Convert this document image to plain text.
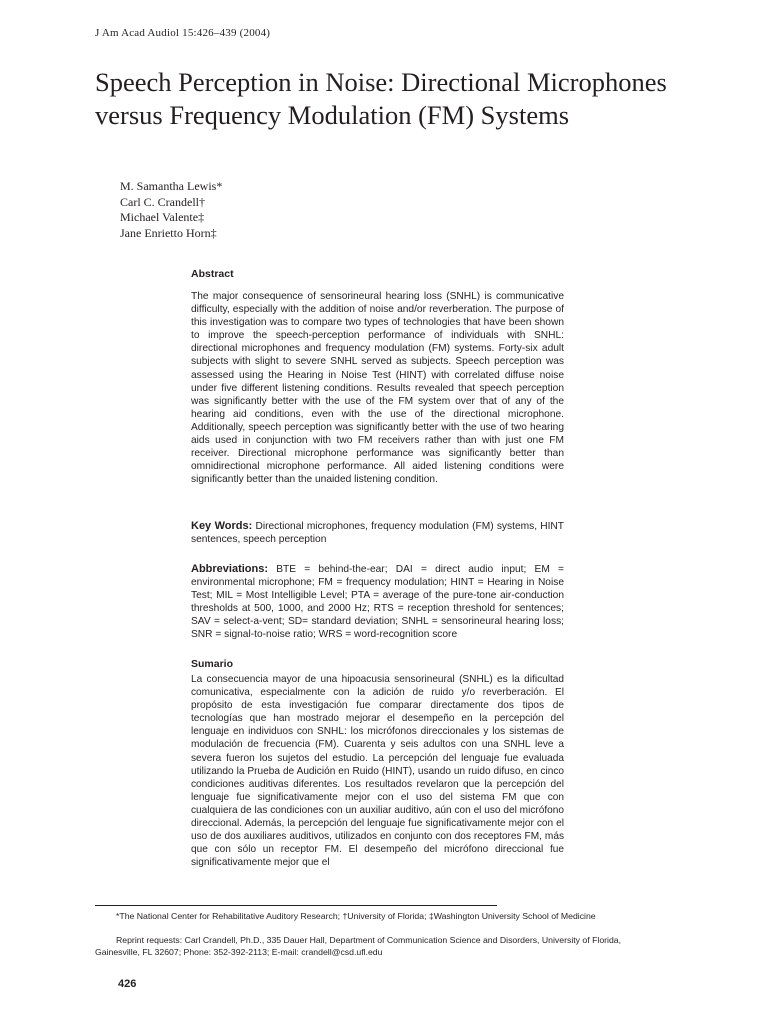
J Am Acad Audiol 15:426–439 (2004)
Speech Perception in Noise: Directional Microphones versus Frequency Modulation (FM) Systems
M. Samantha Lewis*
Carl C. Crandell†
Michael Valente‡
Jane Enrietto Horn‡
Abstract

The major consequence of sensorineural hearing loss (SNHL) is communicative difficulty, especially with the addition of noise and/or reverberation. The purpose of this investigation was to compare two types of technologies that have been shown to improve the speech-perception performance of individuals with SNHL: directional microphones and frequency modulation (FM) systems. Forty-six adult subjects with slight to severe SNHL served as subjects. Speech perception was assessed using the Hearing in Noise Test (HINT) with correlated diffuse noise under five different listening conditions. Results revealed that speech perception was significantly better with the use of the FM system over that of any of the hearing aid conditions, even with the use of the directional microphone. Additionally, speech perception was significantly better with the use of two hearing aids used in conjunction with two FM receivers rather than with just one FM receiver. Directional microphone performance was significantly better than omnidirectional microphone performance. All aided listening conditions were significantly better than the unaided listening condition.

Key Words: Directional microphones, frequency modulation (FM) systems, HINT sentences, speech perception
Abbreviations: BTE = behind-the-ear; DAI = direct audio input; EM = environmental microphone; FM = frequency modulation; HINT = Hearing in Noise Test; MIL = Most Intelligible Level; PTA = average of the pure-tone air-conduction thresholds at 500, 1000, and 2000 Hz; RTS = reception threshold for sentences; SAV = select-a-vent; SD= standard deviation; SNHL = sensorineural hearing loss; SNR = signal-to-noise ratio; WRS = word-recognition score
Sumario

La consecuencia mayor de una hipoacusia sensorineural (SNHL) es la dificultad comunicativa, especialmente con la adición de ruido y/o reverberación. El propósito de esta investigación fue comparar directamente dos tipos de tecnologías que han mostrado mejorar el desempeño en la percepción del lenguaje en individuos con SNHL: los micrófonos direccionales y los sistemas de modulación de frecuencia (FM). Cuarenta y seis adultos con una SNHL leve a severa fueron los sujetos del estudio. La percepción del lenguaje fue evaluada utilizando la Prueba de Audición en Ruido (HINT), usando un ruido difuso, en cinco condiciones auditivas diferentes. Los resultados revelaron que la percepción del lenguaje fue significativamente mejor con el uso del sistema FM que con cualquiera de las condiciones con un auxiliar auditivo, aún con el uso del micrófono direccional. Además, la percepción del lenguaje fue significativamente mejor con el uso de dos auxiliares auditivos, utilizados en conjunto con dos receptores FM, más que con sólo un receptor FM. El desempeño del micrófono direccional fue significativamente mejor que el

*The National Center for Rehabilitative Auditory Research; †University of Florida; ‡Washington University School of Medicine
Reprint requests: Carl Crandell, Ph.D., 335 Dauer Hall, Department of Communication Science and Disorders, University of Florida, Gainesville, FL 32607; Phone: 352-392-2113; E-mail: crandell@csd.ufl.edu
426
